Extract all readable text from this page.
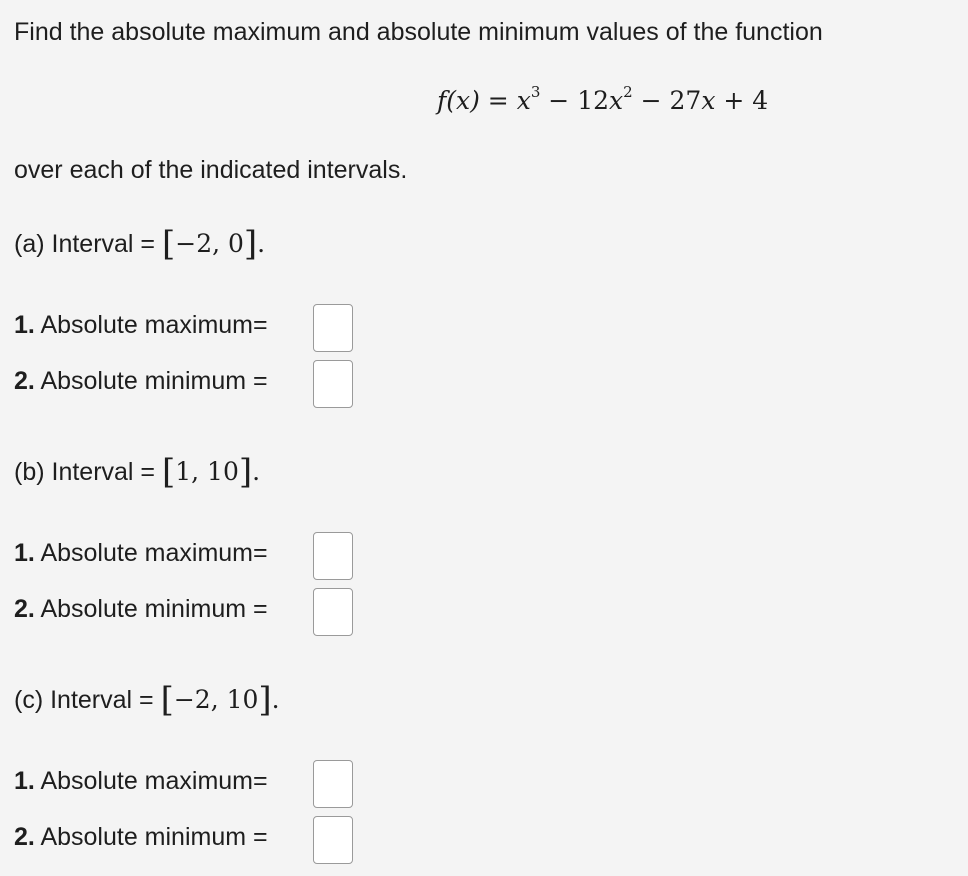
Find the absolute maximum and absolute minimum values of the function
$f(x) = x^3 - 12x^2 - 27x + 4$
over each of the indicated intervals.
(a) Interval = [−2, 0].
1. Absolute maximum=
2. Absolute minimum =
(b) Interval = [1, 10].
1. Absolute maximum=
2. Absolute minimum =
(c) Interval = [−2, 10].
1. Absolute maximum=
2. Absolute minimum =
